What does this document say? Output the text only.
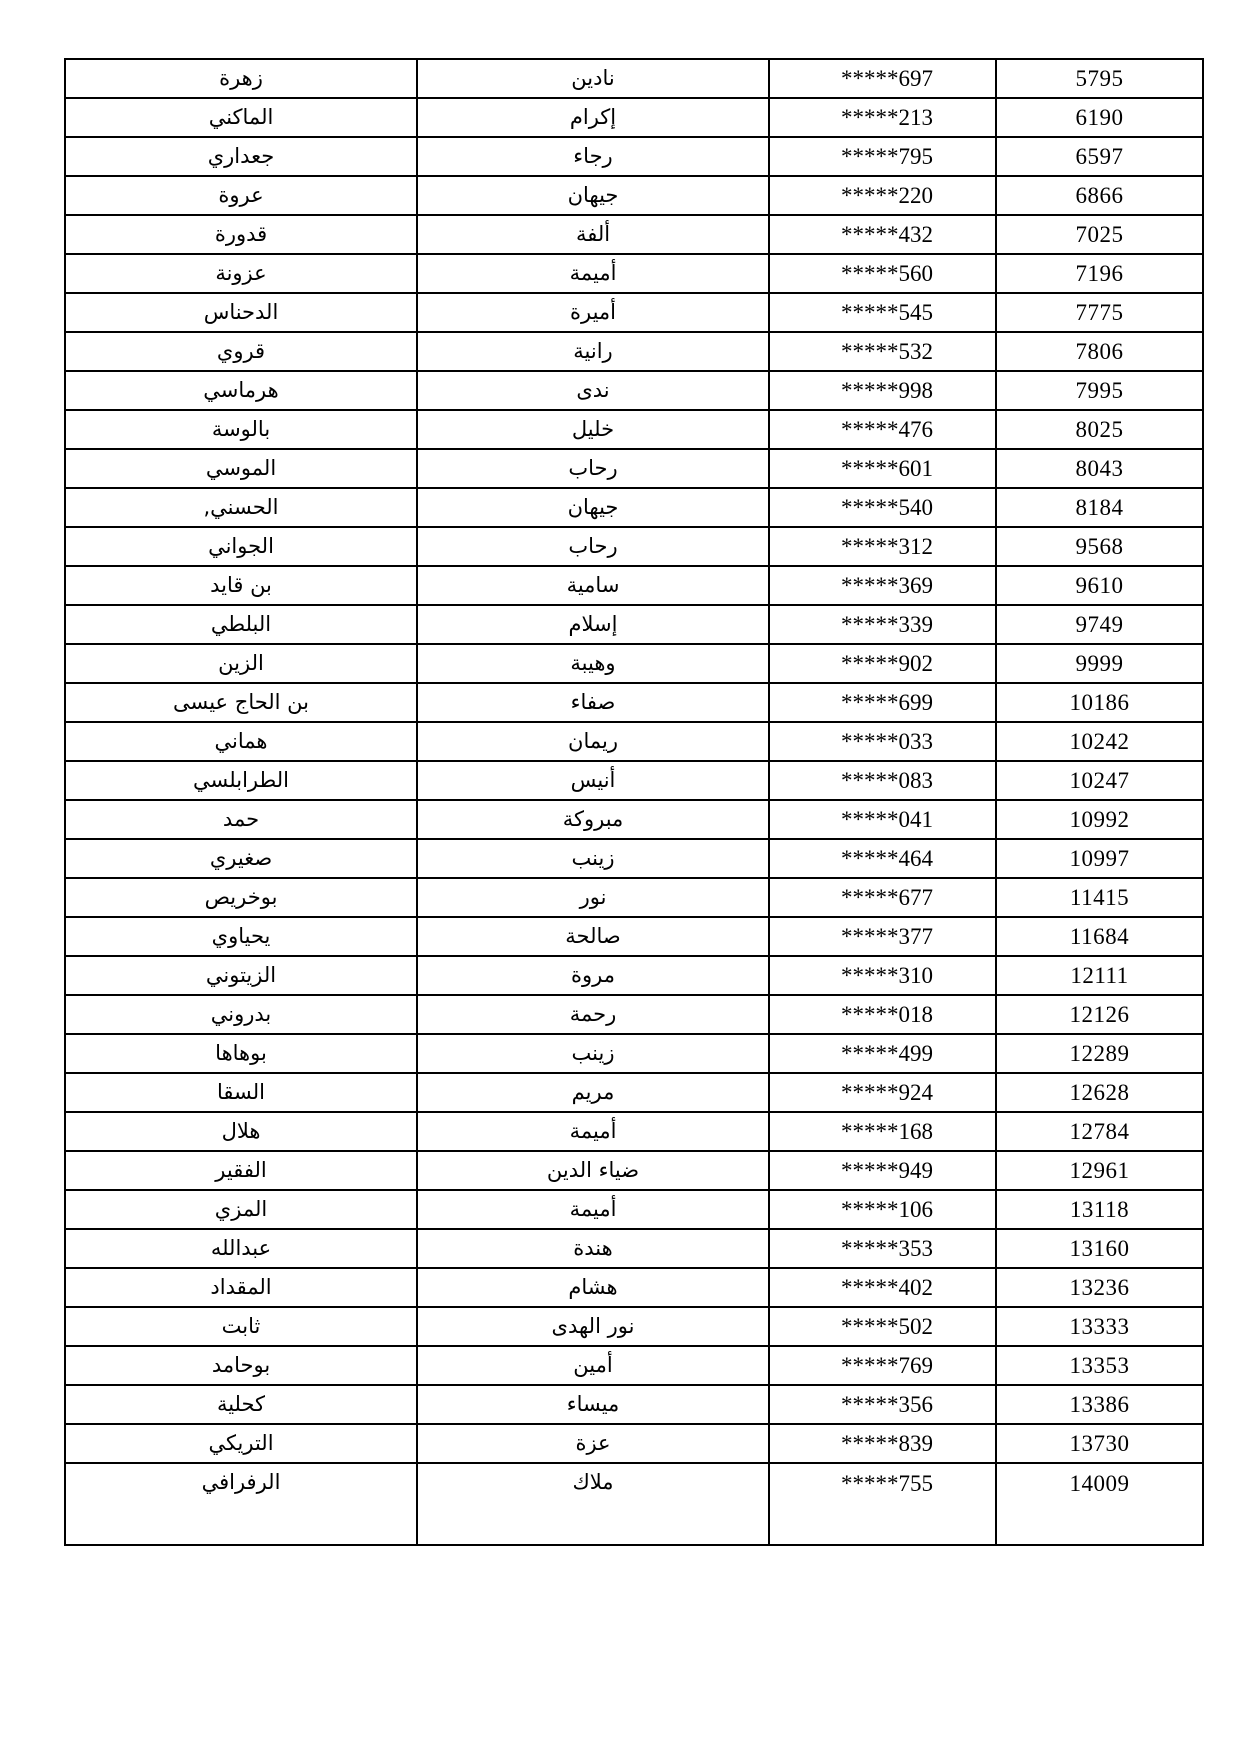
زهرة	نادين	*****697	5795
الماكني	إكرام	*****213	6190
جعداري	رجاء	*****795	6597
عروة	جيهان	*****220	6866
قدورة	ألفة	*****432	7025
عزونة	أميمة	*****560	7196
الدحناس	أميرة	*****545	7775
قروي	رانية	*****532	7806
هرماسي	ندى	*****998	7995
بالوسة	خليل	*****476	8025
الموسي	رحاب	*****601	8043
الحسني,	جيهان	*****540	8184
الجواني	رحاب	*****312	9568
بن قايد	سامية	*****369	9610
البلطي	إسلام	*****339	9749
الزين	وهيبة	*****902	9999
بن الحاج عيسى	صفاء	*****699	10186
هماني	ريمان	*****033	10242
الطرابلسي	أنيس	*****083	10247
حمد	مبروكة	*****041	10992
صغيري	زينب	*****464	10997
بوخريص	نور	*****677	11415
يحياوي	صالحة	*****377	11684
الزيتوني	مروة	*****310	12111
بدروني	رحمة	*****018	12126
بوهاها	زينب	*****499	12289
السقا	مريم	*****924	12628
هلال	أميمة	*****168	12784
الفقير	ضياء الدين	*****949	12961
المزي	أميمة	*****106	13118
عبدالله	هندة	*****353	13160
المقداد	هشام	*****402	13236
ثابت	نور الهدى	*****502	13333
بوحامد	أمين	*****769	13353
كحلية	ميساء	*****356	13386
التريكي	عزة	*****839	13730
الرفرافي	ملاك	*****755	14009
